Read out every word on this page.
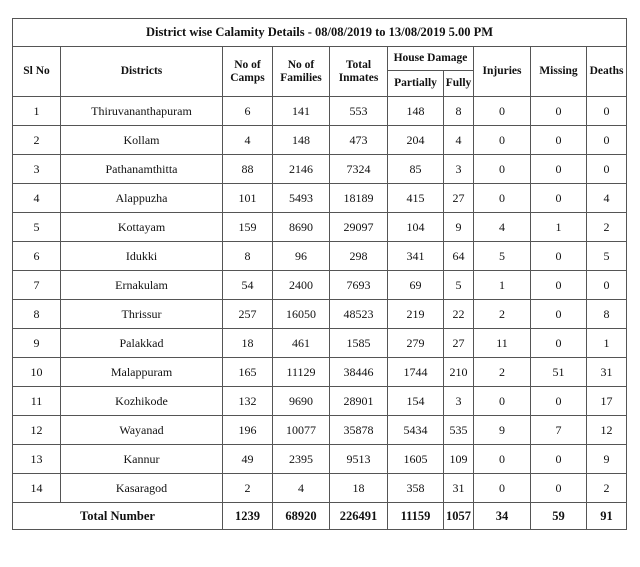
District wise Calamity Details - 08/08/2019 to 13/08/2019 5.00 PM									
Sl No	Districts	No of Camps	No of Families	Total Inmates	House Damage		Injuries	Missing	Deaths
					Partially	Fully			
1	Thiruvananthapuram	6	141	553	148	8	0	0	0
2	Kollam	4	148	473	204	4	0	0	0
3	Pathanamthitta	88	2146	7324	85	3	0	0	0
4	Alappuzha	101	5493	18189	415	27	0	0	4
5	Kottayam	159	8690	29097	104	9	4	1	2
6	Idukki	8	96	298	341	64	5	0	5
7	Ernakulam	54	2400	7693	69	5	1	0	0
8	Thrissur	257	16050	48523	219	22	2	0	8
9	Palakkad	18	461	1585	279	27	11	0	1
10	Malappuram	165	11129	38446	1744	210	2	51	31
11	Kozhikode	132	9690	28901	154	3	0	0	17
12	Wayanad	196	10077	35878	5434	535	9	7	12
13	Kannur	49	2395	9513	1605	109	0	0	9
14	Kasaragod	2	4	18	358	31	0	0	2
Total Number		1239	68920	226491	11159	1057	34	59	91
